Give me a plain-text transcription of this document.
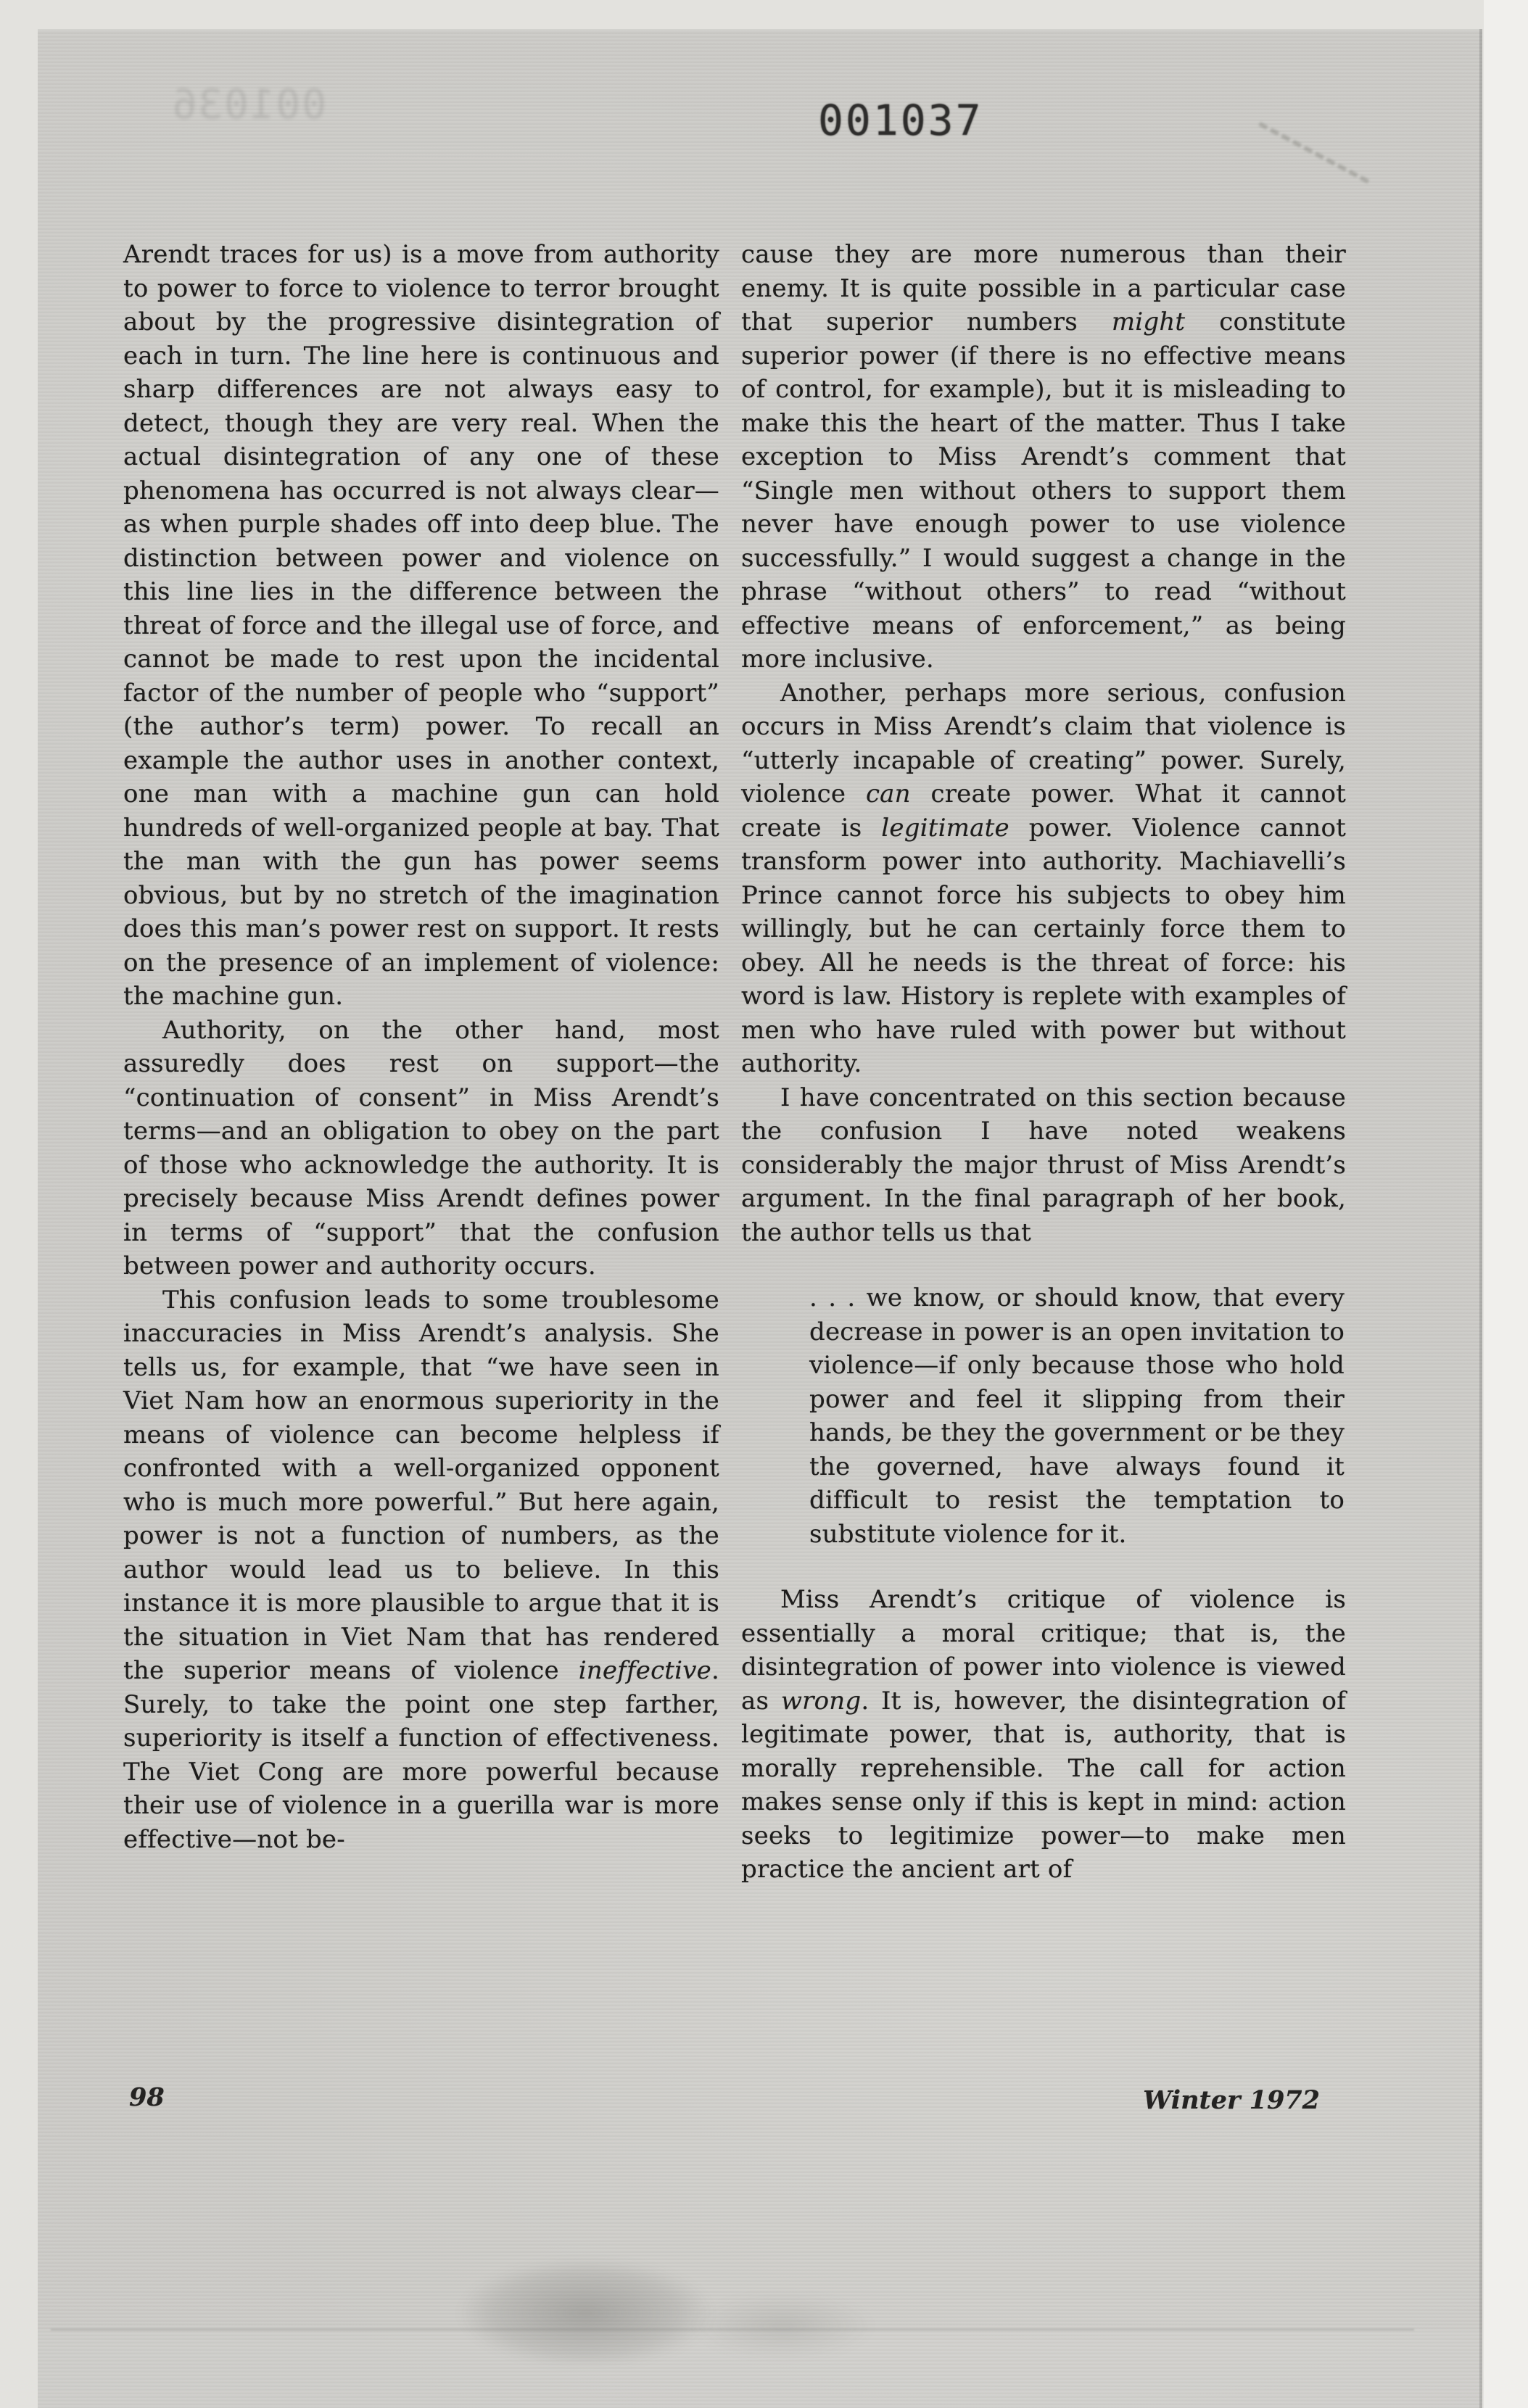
001036	001037

Arendt traces for us) is a move from authority to power to force to violence to terror brought about by the progressive disintegration of each in turn. The line here is continuous and sharp differences are not always easy to detect, though they are very real. When the actual disintegration of any one of these phenomena has occurred is not always clear—as when purple shades off into deep blue. The distinction between power and violence on this line lies in the difference between the threat of force and the illegal use of force, and cannot be made to rest upon the incidental factor of the number of people who “support” (the author’s term) power. To recall an example the author uses in another context, one man with a machine gun can hold hundreds of well-organized people at bay. That the man with the gun has power seems obvious, but by no stretch of the imagination does this man’s power rest on support. It rests on the presence of an implement of violence: the machine gun.

Authority, on the other hand, most assuredly does rest on support—the “continuation of consent” in Miss Arendt’s terms—and an obligation to obey on the part of those who acknowledge the authority. It is precisely because Miss Arendt defines power in terms of “support” that the confusion between power and authority occurs.

This confusion leads to some troublesome inaccuracies in Miss Arendt’s analysis. She tells us, for example, that “we have seen in Viet Nam how an enormous superiority in the means of violence can become helpless if confronted with a well-organized opponent who is much more powerful.” But here again, power is not a function of numbers, as the author would lead us to believe. In this instance it is more plausible to argue that it is the situation in Viet Nam that has rendered the superior means of violence ineffective. Surely, to take the point one step farther, superiority is itself a function of effectiveness. The Viet Cong are more powerful because their use of violence in a guerilla war is more effective—not be-

cause they are more numerous than their enemy. It is quite possible in a particular case that superior numbers might constitute superior power (if there is no effective means of control, for example), but it is misleading to make this the heart of the matter. Thus I take exception to Miss Arendt’s comment that “Single men without others to support them never have enough power to use violence successfully.” I would suggest a change in the phrase “without others” to read “without effective means of enforcement,” as being more inclusive.

Another, perhaps more serious, confusion occurs in Miss Arendt’s claim that violence is “utterly incapable of creating” power. Surely, violence can create power. What it cannot create is legitimate power. Violence cannot transform power into authority. Machiavelli’s Prince cannot force his subjects to obey him willingly, but he can certainly force them to obey. All he needs is the threat of force: his word is law. History is replete with examples of men who have ruled with power but without authority.

I have concentrated on this section because the confusion I have noted weakens considerably the major thrust of Miss Arendt’s argument. In the final paragraph of her book, the author tells us that

. . . we know, or should know, that every decrease in power is an open invitation to violence—if only because those who hold power and feel it slipping from their hands, be they the government or be they the governed, have always found it difficult to resist the temptation to substitute violence for it.

Miss Arendt’s critique of violence is essentially a moral critique; that is, the disintegration of power into violence is viewed as wrong. It is, however, the disintegration of legitimate power, that is, authority, that is morally reprehensible. The call for action makes sense only if this is kept in mind: action seeks to legitimize power—to make men practice the ancient art of

98	Winter 1972
